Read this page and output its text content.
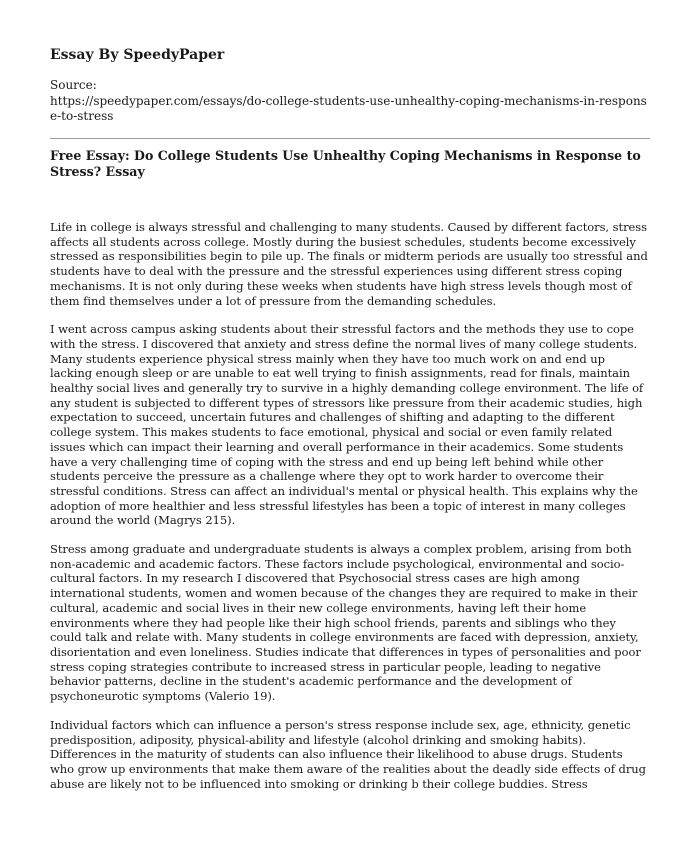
Essay By SpeedyPaper
Source:
https://speedypaper.com/essays/do-college-students-use-unhealthy-coping-mechanisms-in-response-to-stress
Free Essay: Do College Students Use Unhealthy Coping Mechanisms in Response to Stress? Essay

Life in college is always stressful and challenging to many students. Caused by different factors, stress affects all students across college. Mostly during the busiest schedules, students become excessively stressed as responsibilities begin to pile up. The finals or midterm periods are usually too stressful and students have to deal with the pressure and the stressful experiences using different stress coping mechanisms. It is not only during these weeks when students have high stress levels though most of them find themselves under a lot of pressure from the demanding schedules.

I went across campus asking students about their stressful factors and the methods they use to cope with the stress. I discovered that anxiety and stress define the normal lives of many college students. Many students experience physical stress mainly when they have too much work on and end up lacking enough sleep or are unable to eat well trying to finish assignments, read for finals, maintain healthy social lives and generally try to survive in a highly demanding college environment. The life of any student is subjected to different types of stressors like pressure from their academic studies, high expectation to succeed, uncertain futures and challenges of shifting and adapting to the different college system. This makes students to face emotional, physical and social or even family related issues which can impact their learning and overall performance in their academics. Some students have a very challenging time of coping with the stress and end up being left behind while other students perceive the pressure as a challenge where they opt to work harder to overcome their stressful conditions. Stress can affect an individual's mental or physical health. This explains why the adoption of more healthier and less stressful lifestyles has been a topic of interest in many colleges around the world (Magrys 215).

Stress among graduate and undergraduate students is always a complex problem, arising from both non-academic and academic factors. These factors include psychological, environmental and socio-cultural factors. In my research I discovered that Psychosocial stress cases are high among international students, women and women because of the changes they are required to make in their cultural, academic and social lives in their new college environments, having left their home environments where they had people like their high school friends, parents and siblings who they could talk and relate with. Many students in college environments are faced with depression, anxiety, disorientation and even loneliness. Studies indicate that differences in types of personalities and poor stress coping strategies contribute to increased stress in particular people, leading to negative behavior patterns, decline in the student's academic performance and the development of psychoneurotic symptoms (Valerio 19).

Individual factors which can influence a person's stress response include sex, age, ethnicity, genetic predisposition, adiposity, physical-ability and lifestyle (alcohol drinking and smoking habits). Differences in the maturity of students can also influence their likelihood to abuse drugs. Students who grow up environments that make them aware of the realities about the deadly side effects of drug abuse are likely not to be influenced into smoking or drinking b their college buddies. Stress
